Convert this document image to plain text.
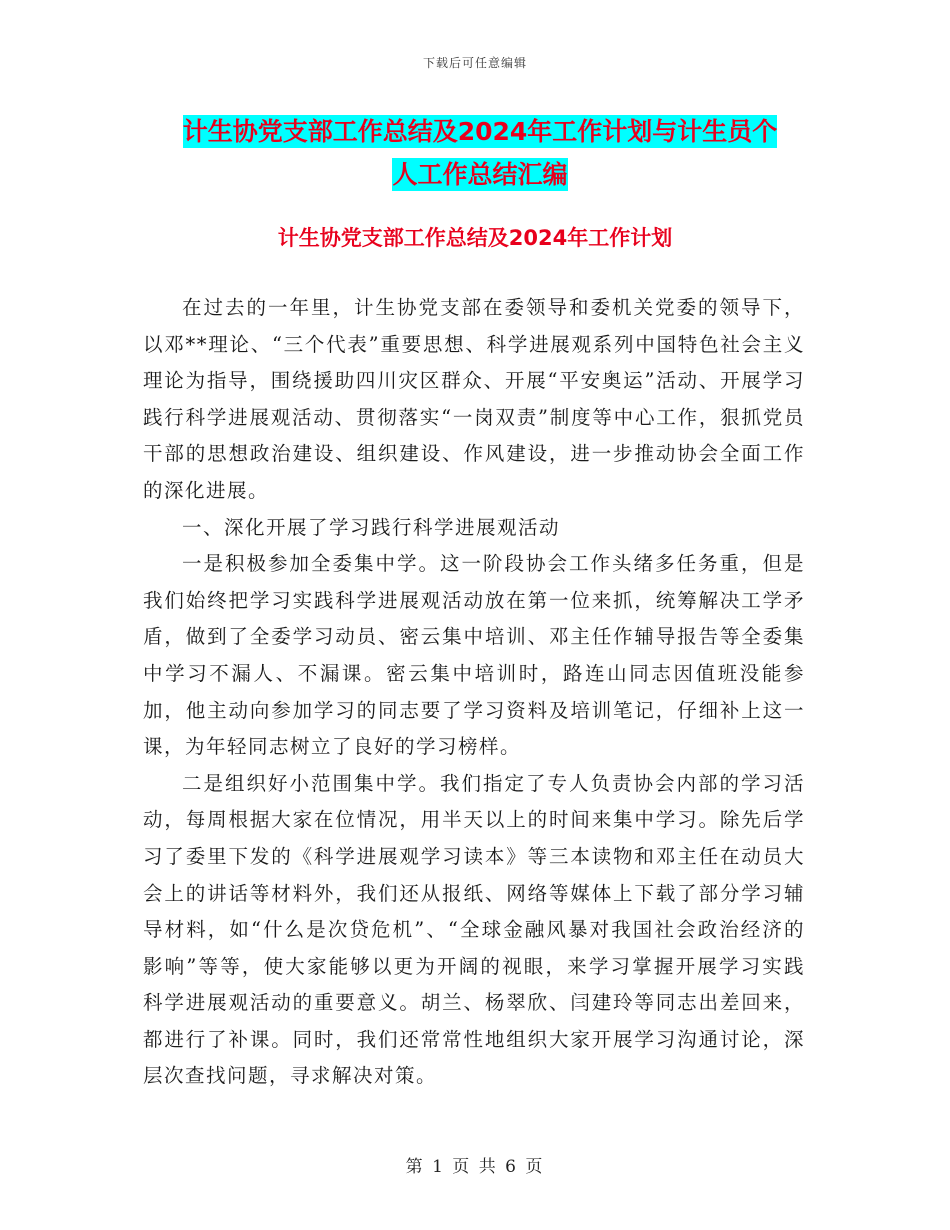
下载后可任意编辑
计生协党支部工作总结及2024年工作计划与计生员个
人工作总结汇编
计生协党支部工作总结及2024年工作计划

在过去的一年里，计生协党支部在委领导和委机关党委的领导下，以邓**理论、“三个代表”重要思想、科学进展观系列中国特色社会主义理论为指导，围绕援助四川灾区群众、开展“平安奥运”活动、开展学习践行科学进展观活动、贯彻落实“一岗双责”制度等中心工作，狠抓党员干部的思想政治建设、组织建设、作风建设，进一步推动协会全面工作的深化进展。

一、深化开展了学习践行科学进展观活动

一是积极参加全委集中学。这一阶段协会工作头绪多任务重，但是我们始终把学习实践科学进展观活动放在第一位来抓，统筹解决工学矛盾，做到了全委学习动员、密云集中培训、邓主任作辅导报告等全委集中学习不漏人、不漏课。密云集中培训时，路连山同志因值班没能参加，他主动向参加学习的同志要了学习资料及培训笔记，仔细补上这一课，为年轻同志树立了良好的学习榜样。

二是组织好小范围集中学。我们指定了专人负责协会内部的学习活动，每周根据大家在位情况，用半天以上的时间来集中学习。除先后学习了委里下发的《科学进展观学习读本》等三本读物和邓主任在动员大会上的讲话等材料外，我们还从报纸、网络等媒体上下载了部分学习辅导材料，如“什么是次贷危机”、“全球金融风暴对我国社会政治经济的影响”等等，使大家能够以更为开阔的视眼，来学习掌握开展学习实践科学进展观活动的重要意义。胡兰、杨翠欣、闫建玲等同志出差回来，都进行了补课。同时，我们还常常性地组织大家开展学习沟通讨论，深层次查找问题，寻求解决对策。

第 1 页 共 6 页
